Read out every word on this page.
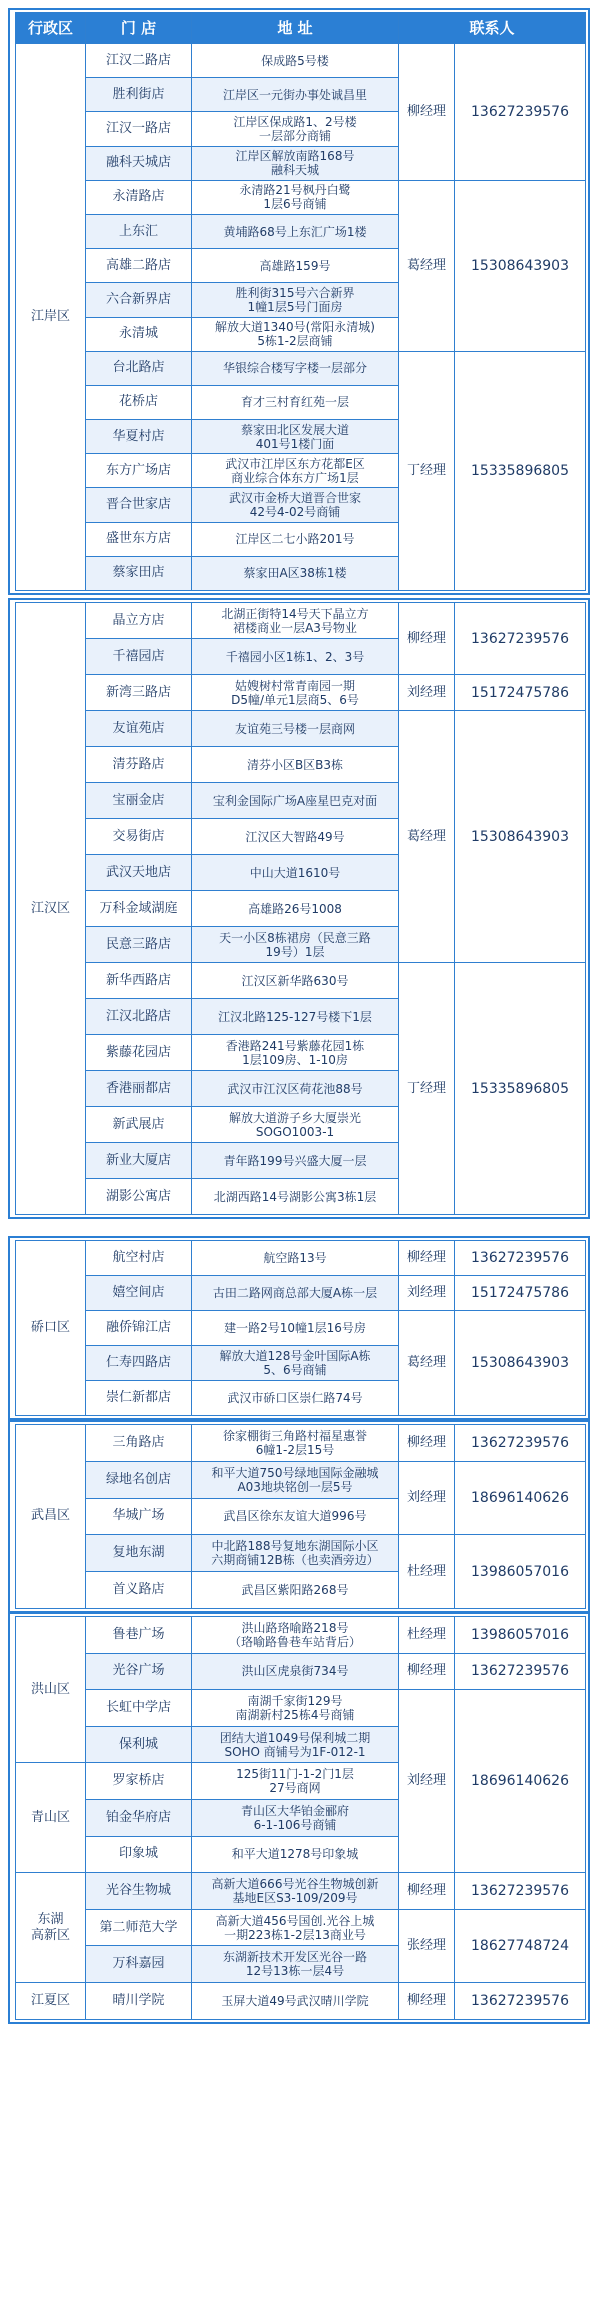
行政区	门 店	地 址	联系人	
江岸区	江汉二路店	保成路5号楼	柳经理	13627239576
	胜利街店	江岸区一元街办事处诚昌里		
	江汉一路店	江岸区保成路1、2号楼
一层部分商铺		
	融科天城店	江岸区解放南路168号
融科天城		
	永清路店	永清路21号枫丹白鹭
1层6号商铺	葛经理	15308643903
	上东汇	黄埔路68号上东汇广场1楼		
	高雄二路店	高雄路159号		
	六合新界店	胜利街315号六合新界
1幢1层5号门面房		
	永清城	解放大道1340号(常阳永清城)
5栋1-2层商铺		
	台北路店	华银综合楼写字楼一层部分	丁经理	15335896805
	花桥店	育才三村育红苑一层		
	华夏村店	蔡家田北区发展大道
401号1楼门面		
	东方广场店	武汉市江岸区东方花都E区
商业综合体东方广场1层		
	晋合世家店	武汉市金桥大道晋合世家
42号4-02号商铺		
	盛世东方店	江岸区二七小路201号		
	蔡家田店	蔡家田A区38栋1楼		
江汉区	晶立方店	北湖正街特14号天下晶立方
裙楼商业一层A3号物业	柳经理	13627239576
	千禧园店	千禧园小区1栋1、2、3号		
	新湾三路店	姑嫂树村常青南园一期
D5幢/单元1层商5、6号	刘经理	15172475786
	友谊苑店	友谊苑三号楼一层商网	葛经理	15308643903
	清芬路店	清芬小区B区B3栋		
	宝丽金店	宝利金国际广场A座星巴克对面		
	交易街店	江汉区大智路49号		
	武汉天地店	中山大道1610号		
	万科金域湖庭	高雄路26号1008		
	民意三路店	天一小区8栋裙房（民意三路
19号）1层		
	新华西路店	江汉区新华路630号	丁经理	15335896805
	江汉北路店	江汉北路125-127号楼下1层		
	紫藤花园店	香港路241号紫藤花园1栋
1层109房、1-10房		
	香港丽都店	武汉市江汉区荷花池88号		
	新武展店	解放大道游子乡大厦崇光
SOGO1003-1		
	新业大厦店	青年路199号兴盛大厦一层		
	湖影公寓店	北湖西路14号湖影公寓3栋1层		
硚口区	航空村店	航空路13号	柳经理	13627239576
	嬉空间店	古田二路网商总部大厦A栋一层	刘经理	15172475786
	融侨锦江店	建一路2号10幢1层16号房	葛经理	15308643903
	仁寿四路店	解放大道128号金叶国际A栋
5、6号商铺		
	崇仁新都店	武汉市硚口区崇仁路74号		
武昌区	三角路店	徐家棚街三角路村福星惠誉
6幢1-2层15号	柳经理	13627239576
	绿地名创店	和平大道750号绿地国际金融城
A03地块铭创一层5号	刘经理	18696140626
	华城广场	武昌区徐东友谊大道996号		
	复地东湖	中北路188号复地东湖国际小区
六期商铺12B栋（也卖酒旁边）	杜经理	13986057016
	首义路店	武昌区紫阳路268号		
洪山区	鲁巷广场	洪山路珞喻路218号
（珞喻路鲁巷车站背后）	杜经理	13986057016
	光谷广场	洪山区虎泉街734号	柳经理	13627239576
	长虹中学店	南湖千家街129号
南湖新村25栋4号商铺	刘经理	18696140626
	保利城	团结大道1049号保利城二期
SOHO 商铺号为1F-012-1		
青山区	罗家桥店	125街11门-1-2门1层
27号商网		
	铂金华府店	青山区大华铂金郦府
6-1-106号商铺		
	印象城	和平大道1278号印象城		
东湖
高新区	光谷生物城	高新大道666号光谷生物城创新
基地E区S3-109/209号	柳经理	13627239576
	第二师范大学	高新大道456号国创.光谷上城
一期223栋1-2层13商业号	张经理	18627748724
	万科嘉园	东湖新技术开发区光谷一路
12号13栋一层4号		
江夏区	晴川学院	玉屏大道49号武汉晴川学院	柳经理	13627239576
